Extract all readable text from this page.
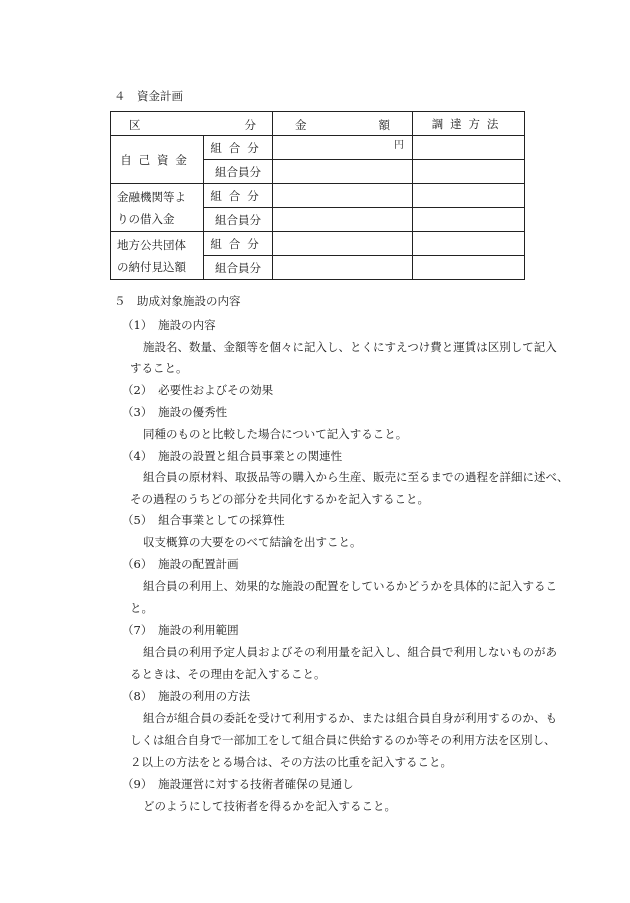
４　資金計画
区 分		金 額	調達方法
自己資金	組合分	円	

	組合員分		

金融機関等よ
りの借入金	組合分		
	組合員分		

地方公共団体
の納付見込額	組合分		
	組合員分		
５　助成対象施設の内容
（1）　施設の内容
施設名、数量、金額等を個々に記入し、とくにすえつけ費と運賃は区別して記入
すること。
（2）　必要性およびその効果
（3）　施設の優秀性
同種のものと比較した場合について記入すること。
（4）　施設の設置と組合員事業との関連性
組合員の原材料、取扱品等の購入から生産、販売に至るまでの過程を詳細に述べ、
その過程のうちどの部分を共同化するかを記入すること。
（5）　組合事業としての採算性
収支概算の大要をのべて結論を出すこと。
（6）　施設の配置計画
組合員の利用上、効果的な施設の配置をしているかどうかを具体的に記入するこ
と。
（7）　施設の利用範囲
組合員の利用予定人員およびその利用量を記入し、組合員で利用しないものがあ
るときは、その理由を記入すること。
（8）　施設の利用の方法
組合が組合員の委託を受けて利用するか、または組合員自身が利用するのか、も
しくは組合自身で一部加工をして組合員に供給するのか等その利用方法を区別し、
２以上の方法をとる場合は、その方法の比重を記入すること。
（9）　施設運営に対する技術者確保の見通し
どのようにして技術者を得るかを記入すること。
